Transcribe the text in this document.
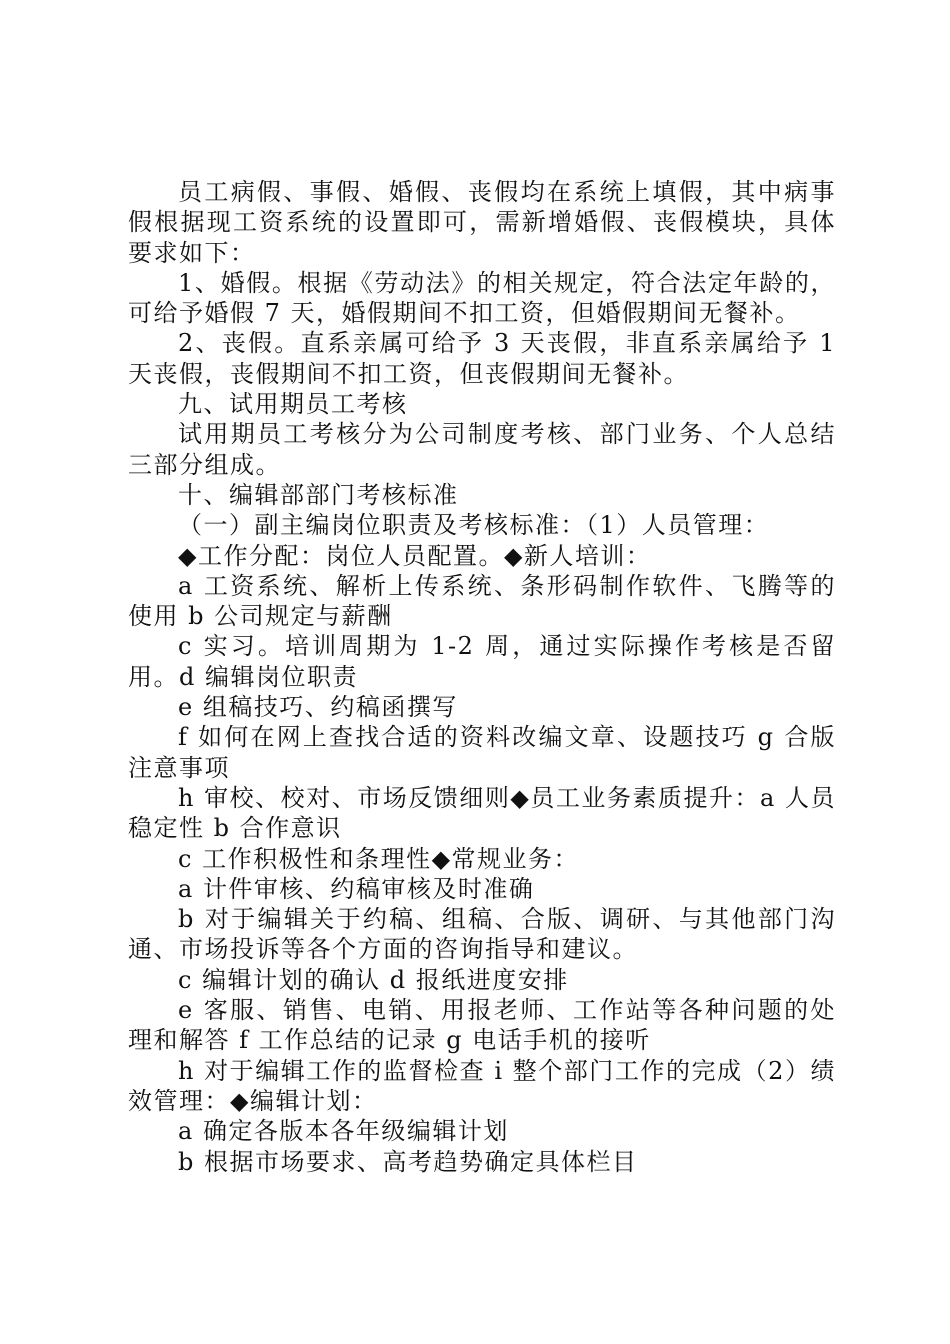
员工病假、事假、婚假、丧假均在系统上填假，其中病事假根据现工资系统的设置即可，需新增婚假、丧假模块，具体要求如下：

1、婚假。根据《劳动法》的相关规定，符合法定年龄的，可给予婚假 7 天，婚假期间不扣工资，但婚假期间无餐补。

2、丧假。直系亲属可给予 3 天丧假，非直系亲属给予 1 天丧假，丧假期间不扣工资，但丧假期间无餐补。

九、试用期员工考核

试用期员工考核分为公司制度考核、部门业务、个人总结三部分组成。

十、编辑部部门考核标准

（一）副主编岗位职责及考核标准：（1）人员管理：

◆工作分配：岗位人员配置。◆新人培训：

a 工资系统、解析上传系统、条形码制作软件、飞腾等的使用 b 公司规定与薪酬

c 实习。培训周期为 1-2 周，通过实际操作考核是否留用。d 编辑岗位职责

e 组稿技巧、约稿函撰写

f 如何在网上查找合适的资料改编文章、设题技巧 g 合版注意事项

h 审校、校对、市场反馈细则◆员工业务素质提升：a 人员稳定性 b 合作意识

c 工作积极性和条理性◆常规业务：

a 计件审核、约稿审核及时准确

b 对于编辑关于约稿、组稿、合版、调研、与其他部门沟通、市场投诉等各个方面的咨询指导和建议。

c 编辑计划的确认 d 报纸进度安排

e 客服、销售、电销、用报老师、工作站等各种问题的处理和解答 f 工作总结的记录 g 电话手机的接听

h 对于编辑工作的监督检查 i 整个部门工作的完成（2）绩效管理：◆编辑计划：

a 确定各版本各年级编辑计划

b 根据市场要求、高考趋势确定具体栏目
